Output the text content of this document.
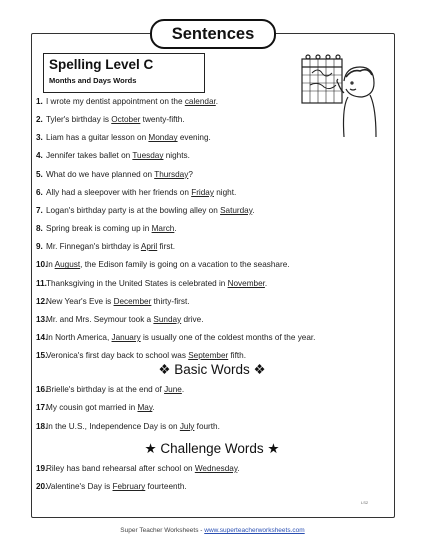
Sentences
Spelling Level C
Months and Days Words
1. I wrote my dentist appointment on the calendar.
2. Tyler's birthday is October twenty-fifth.
3. Liam has a guitar lesson on Monday evening.
4. Jennifer takes ballet on Tuesday nights.
5. What do we have planned on Thursday?
6. Ally had a sleepover with her friends on Friday night.
7. Logan's birthday party is at the bowling alley on Saturday.
8. Spring break is coming up in March.
9. Mr. Finnegan's birthday is April first.
10.In August, the Edison family is going on a vacation to the seashare.
11.Thanksgiving in the United States is celebrated in November.
12.New Year's Eve is December thirty-first.
13.Mr. and Mrs. Seymour took a Sunday drive.
14.In North America, January is usually one of the coldest months of the year.
15.Veronica's first day back to school was September fifth.
❖ Basic Words ❖
16.Brielle's birthday is at the end of June.
17.My cousin got married in May.
18.In the U.S., Independence Day is on July fourth.
★ Challenge Words ★
19.Riley has band rehearsal after school on Wednesday.
20.Valentine's Day is February fourteenth.
LS2
Super Teacher Worksheets - www.superteacherworksheets.com
